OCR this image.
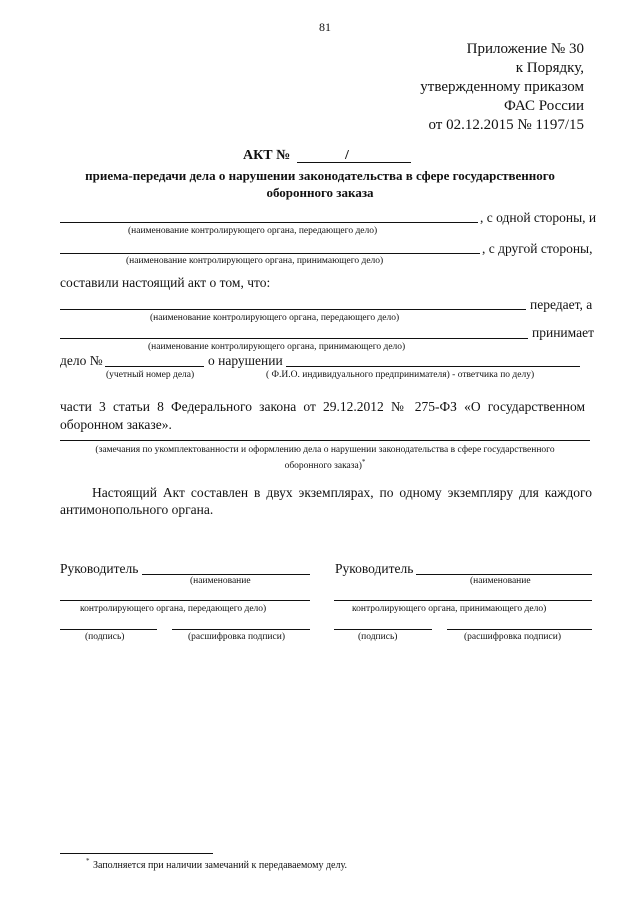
81
Приложение № 30
к Порядку,
утвержденному приказом
ФАС России
от 02.12.2015 № 1197/15
АКТ №	/
приема-передачи дела о нарушении законодательства в сфере государственного оборонного заказа
, с одной стороны, и
(наименование контролирующего органа, передающего дело)
, с другой стороны,
(наименование контролирующего органа, принимающего дело)
составили настоящий акт о том, что:
передает, а
(наименование контролирующего органа, передающего дело)
принимает
(наименование контролирующего органа, принимающего дело)
дело №	о нарушении
(учетный номер дела)	( Ф.И.О. индивидуального предпринимателя) - ответчика по делу)
части 3 статьи 8 Федерального закона от 29.12.2012 № 275-ФЗ «О государственном оборонном заказе».
(замечания по укомплектованности и оформлению дела о нарушении законодательства в сфере государственного
оборонного заказа)*
Настоящий Акт составлен в двух экземплярах, по одному экземпляру для каждого антимонопольного органа.
Руководитель
(наименование
контролирующего органа, передающего дело)
(подпись)	(расшифровка подписи)
Руководитель
(наименование
контролирующего органа, принимающего дело)
(подпись)	(расшифровка подписи)
* Заполняется при наличии замечаний к передаваемому делу.
